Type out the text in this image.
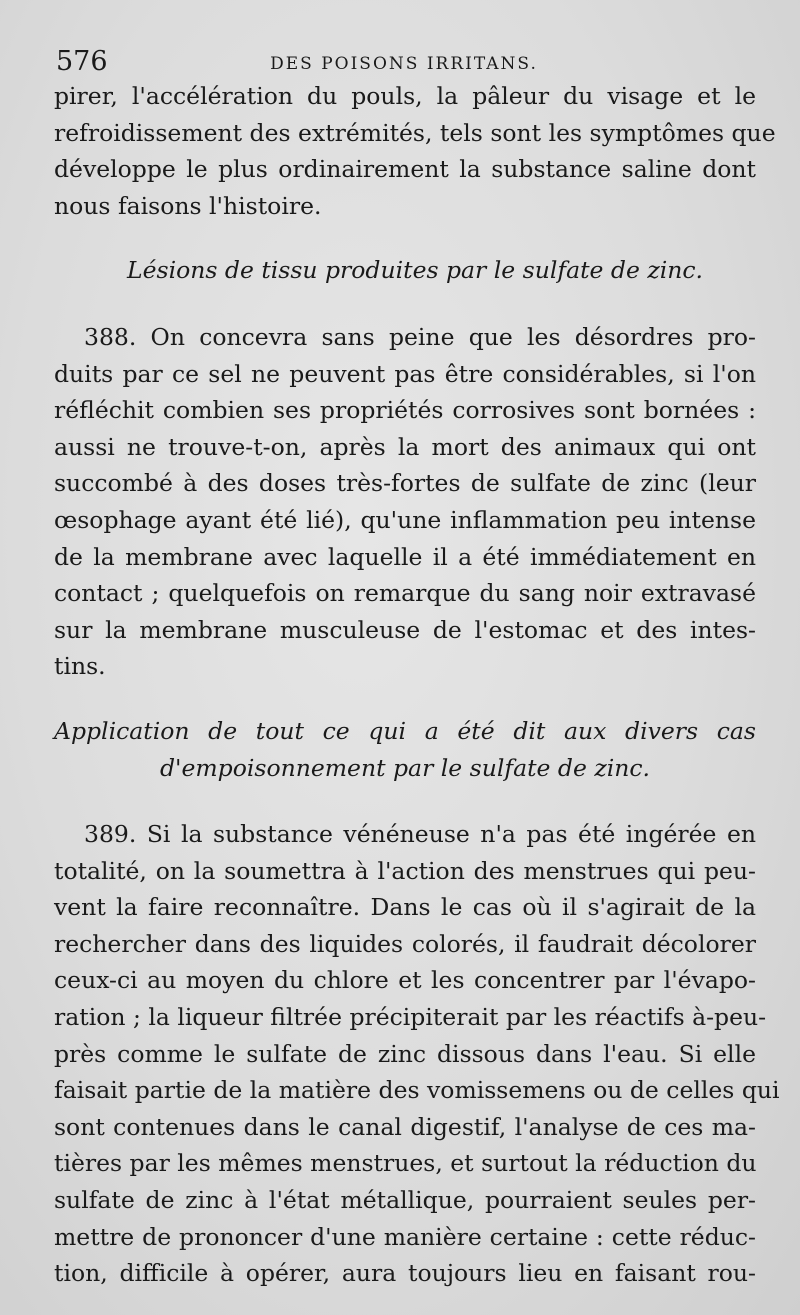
576	DES POISONS IRRITANS.
pirer, l'accélération du pouls, la pâleur du visage et le
refroidissement des extrémités, tels sont les symptômes que
développe le plus ordinairement la substance saline dont
nous faisons l'histoire.
Lésions de tissu produites par le sulfate de zinc.
388. On concevra sans peine que les désordres pro-
duits par ce sel ne peuvent pas être considérables, si l'on
réfléchit combien ses propriétés corrosives sont bornées :
aussi ne trouve-t-on, après la mort des animaux qui ont
succombé à des doses très-fortes de sulfate de zinc (leur
œsophage ayant été lié), qu'une inflammation peu intense
de la membrane avec laquelle il a été immédiatement en
contact ; quelquefois on remarque du sang noir extravasé
sur la membrane musculeuse de l'estomac et des intes-
tins.
Application de tout ce qui a été dit aux divers cas
d'empoisonnement par le sulfate de zinc.
389. Si la substance vénéneuse n'a pas été ingérée en
totalité, on la soumettra à l'action des menstrues qui peu-
vent la faire reconnaître. Dans le cas où il s'agirait de la
rechercher dans des liquides colorés, il faudrait décolorer
ceux-ci au moyen du chlore et les concentrer par l'évapo-
ration ; la liqueur filtrée précipiterait par les réactifs à-peu-
près comme le sulfate de zinc dissous dans l'eau. Si elle
faisait partie de la matière des vomissemens ou de celles qui
sont contenues dans le canal digestif, l'analyse de ces ma-
tières par les mêmes menstrues, et surtout la réduction du
sulfate de zinc à l'état métallique, pourraient seules per-
mettre de prononcer d'une manière certaine : cette réduc-
tion, difficile à opérer, aura toujours lieu en faisant rou-
